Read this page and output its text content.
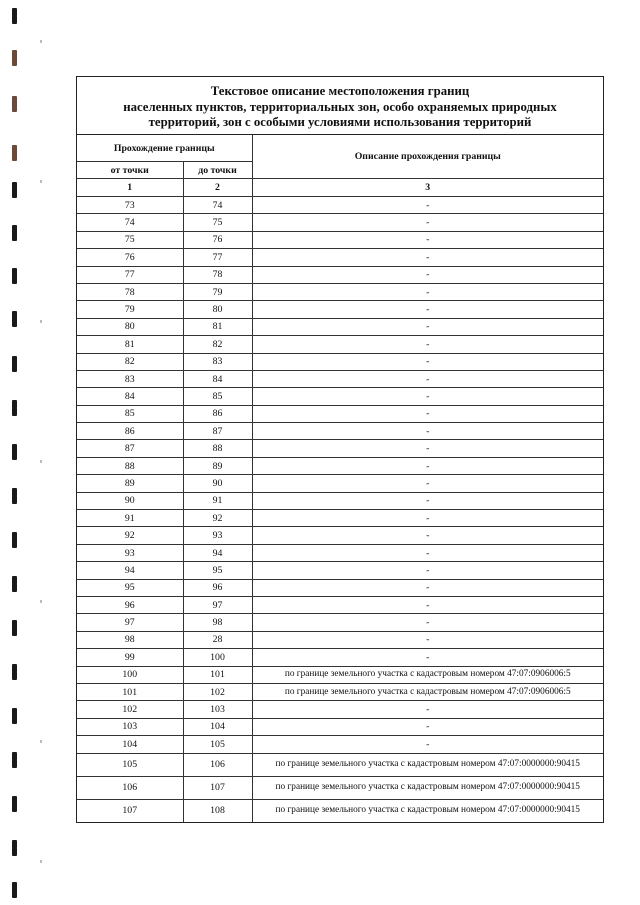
Текстовое описание местоположения границ
населенных пунктов, территориальных зон, особо охраняемых природных
территорий, зон с особыми условиями использования территорий
Прохождение границы		Описание прохождения границы
от точки	до точки	
1	2	3
73	74	-
74	75	-
75	76	-
76	77	-
77	78	-
78	79	-
79	80	-
80	81	-
81	82	-
82	83	-
83	84	-
84	85	-
85	86	-
86	87	-
87	88	-
88	89	-
89	90	-
90	91	-
91	92	-
92	93	-
93	94	-
94	95	-
95	96	-
96	97	-
97	98	-
98	28	-
99	100	-
100	101	по границе земельного участка с кадастровым номером 47:07:0906006:5
101	102	по границе земельного участка с кадастровым номером 47:07:0906006:5
102	103	-
103	104	-
104	105	-
105	106	по границе земельного участка с кадастровым номером 47:07:0000000:90415
106	107	по границе земельного участка с кадастровым номером 47:07:0000000:90415
107	108	по границе земельного участка с кадастровым номером 47:07:0000000:90415
